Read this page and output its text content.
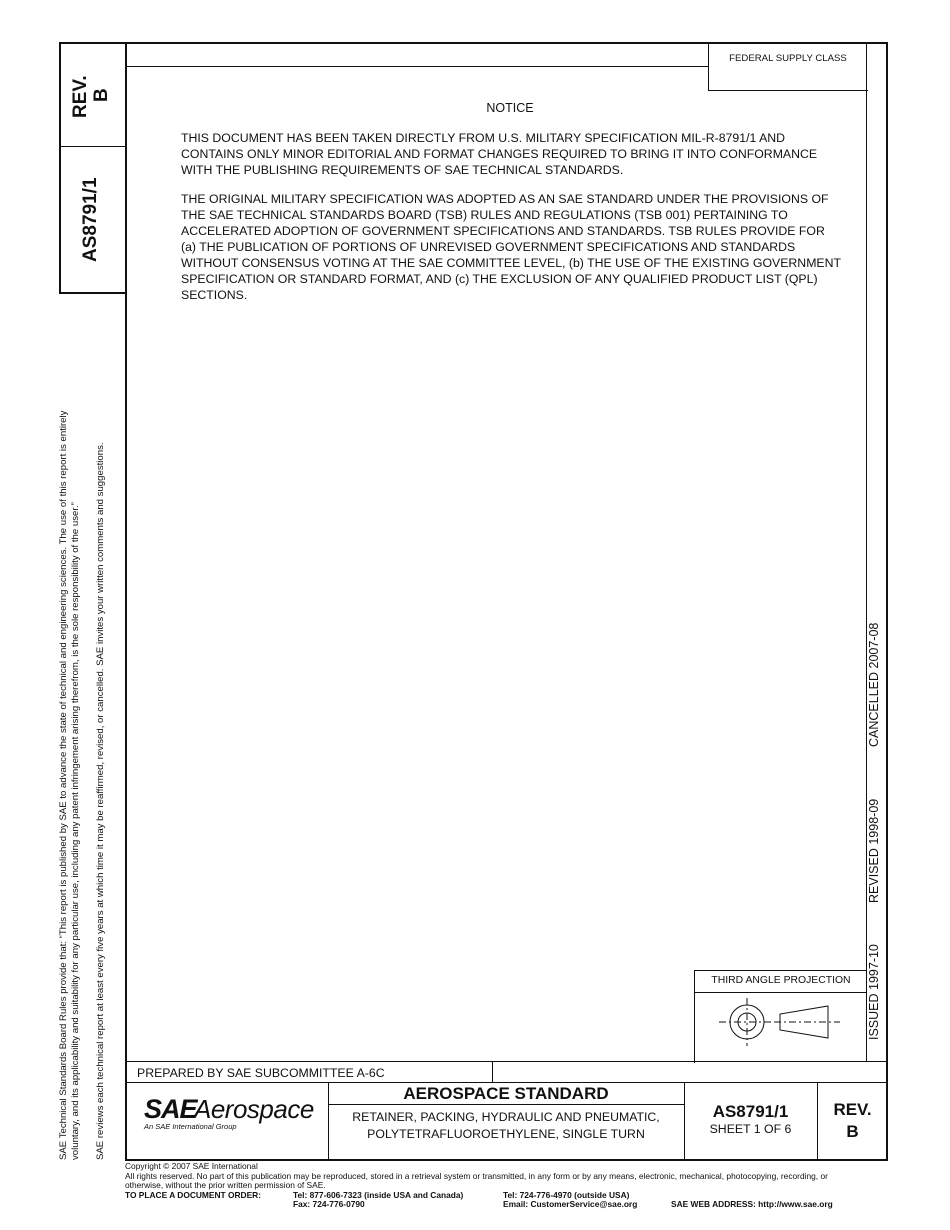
REV. B
AS8791/1
SAE Technical Standards Board Rules provide that: “This report is published by SAE to advance the state of technical and engineering sciences. The use of this report is entirely voluntary, and its applicability and suitability for any particular use, including any patent infringement arising therefrom, is the sole responsibility of the user.” SAE reviews each technical report at least every five years at which time it may be reaffirmed, revised, or cancelled. SAE invites your written comments and suggestions.
FEDERAL SUPPLY CLASS
ISSUED 1997-10
REVISED 1998-09
CANCELLED 2007-08
NOTICE

THIS DOCUMENT HAS BEEN TAKEN DIRECTLY FROM U.S. MILITARY SPECIFICATION MIL-R-8791/1 AND CONTAINS ONLY MINOR EDITORIAL AND FORMAT CHANGES REQUIRED TO BRING IT INTO CONFORMANCE WITH THE PUBLISHING REQUIREMENTS OF SAE TECHNICAL STANDARDS.

THE ORIGINAL MILITARY SPECIFICATION WAS ADOPTED AS AN SAE STANDARD UNDER THE PROVISIONS OF THE SAE TECHNICAL STANDARDS BOARD (TSB) RULES AND REGULATIONS (TSB 001) PERTAINING TO ACCELERATED ADOPTION OF GOVERNMENT SPECIFICATIONS AND STANDARDS. TSB RULES PROVIDE FOR (a) THE PUBLICATION OF PORTIONS OF UNREVISED GOVERNMENT SPECIFICATIONS AND STANDARDS WITHOUT CONSENSUS VOTING AT THE SAE COMMITTEE LEVEL, (b) THE USE OF THE EXISTING GOVERNMENT SPECIFICATION OR STANDARD FORMAT, AND (c) THE EXCLUSION OF ANY QUALIFIED PRODUCT LIST (QPL) SECTIONS.

THIRD ANGLE PROJECTION
PREPARED BY SAE SUBCOMMITTEE A-6C
SAE
Aerospace
An SAE International Group
AEROSPACE STANDARD
RETAINER, PACKING, HYDRAULIC AND PNEUMATIC,
POLYTETRAFLUOROETHYLENE, SINGLE TURN
AS8791/1
SHEET 1 OF 6
REV.
B
Copyright © 2007 SAE International
All rights reserved. No part of this publication may be reproduced, stored in a retrieval system or transmitted, in any form or by any means, electronic, mechanical, photocopying, recording, or
otherwise, without the prior written permission of SAE.
TO PLACE A DOCUMENT ORDER:	Tel: 877-606-7323 (inside USA and Canada)
Fax: 724-776-0790
Tel: 724-776-4970 (outside USA)
Email: CustomerService@sae.org	SAE WEB ADDRESS: http://www.sae.org
